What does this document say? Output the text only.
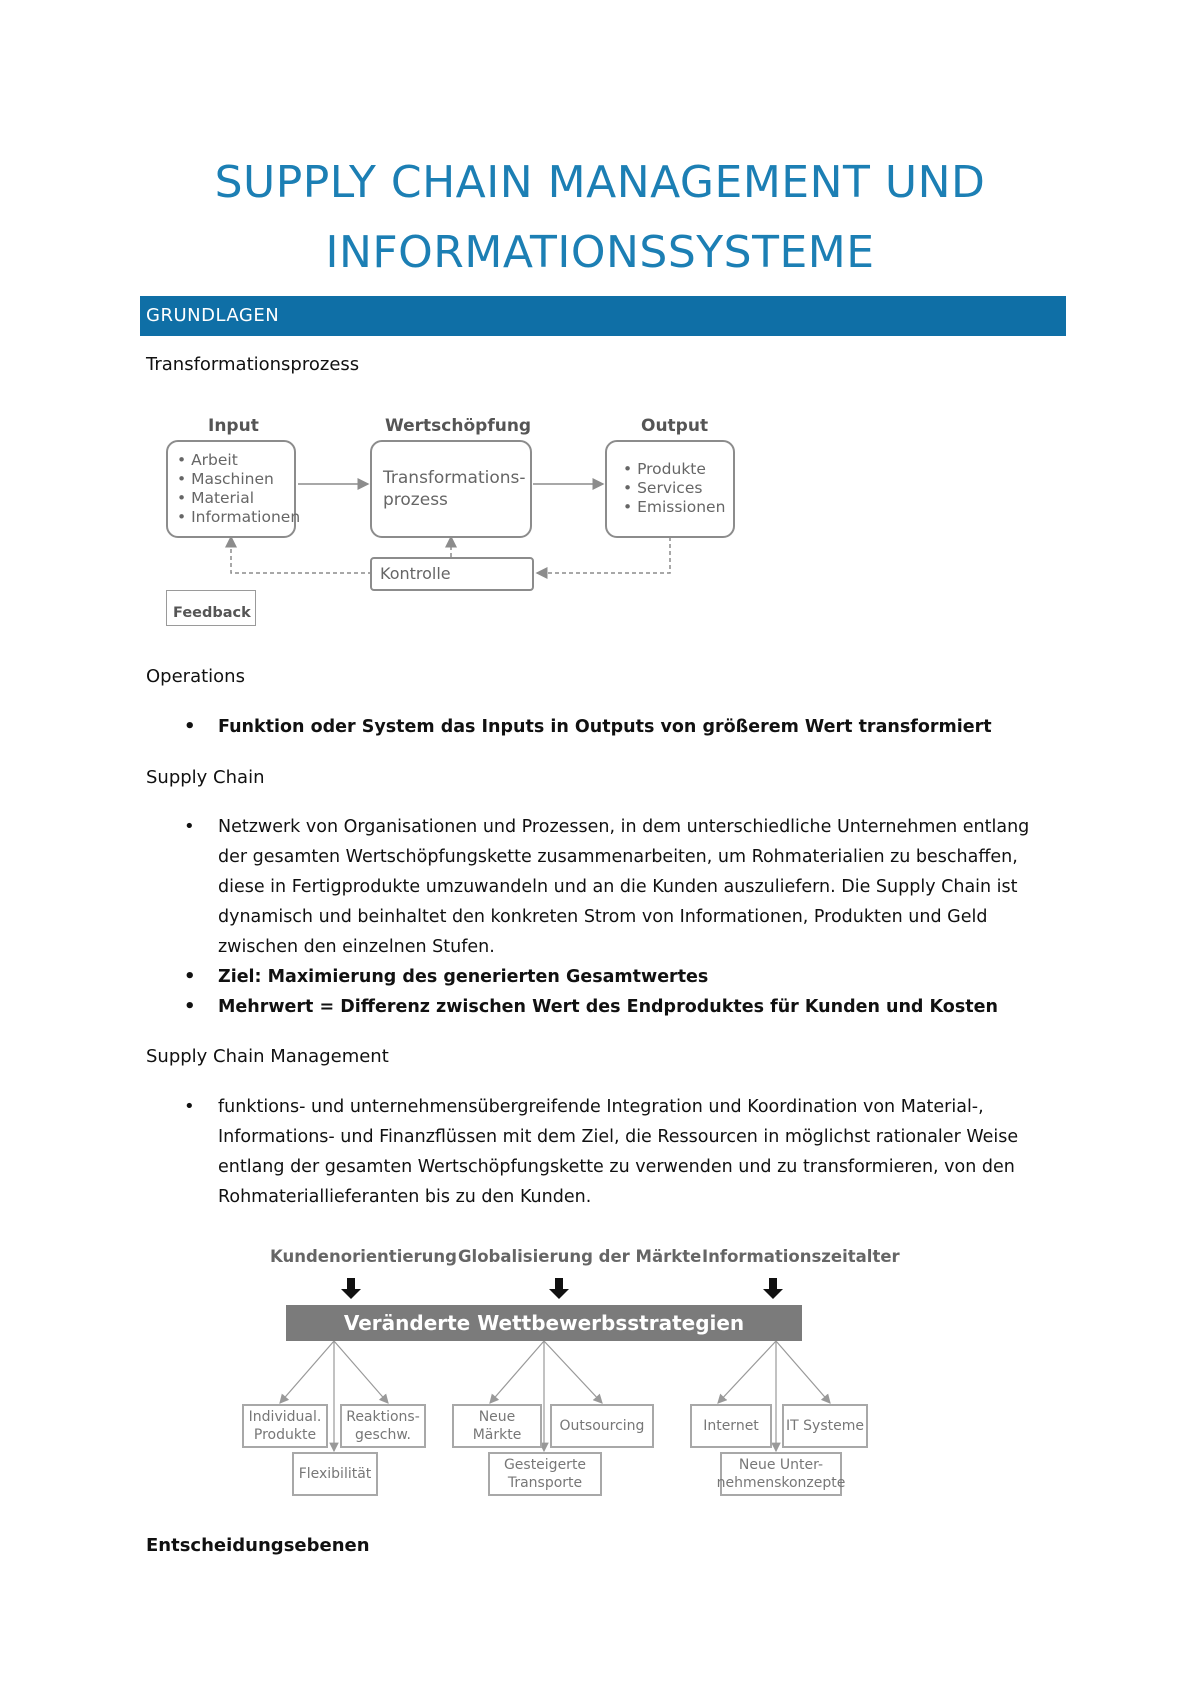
SUPPLY CHAIN MANAGEMENT UND
INFORMATIONSSYSTEME
GRUNDLAGEN
Transformationsprozess
Input	Wertschöpfung	Output
• Arbeit
• Maschinen
• Material
• Informationen
Transformations-
prozess
• Produkte
• Services
• Emissionen
Kontrolle
Feedback
Operations
• Funktion oder System das Inputs in Outputs von größerem Wert transformiert
Supply Chain
• Netzwerk von Organisationen und Prozessen, in dem unterschiedliche Unternehmen entlang
der gesamten Wertschöpfungskette zusammenarbeiten, um Rohmaterialien zu beschaffen,
diese in Fertigprodukte umzuwandeln und an die Kunden auszuliefern. Die Supply Chain ist
dynamisch und beinhaltet den konkreten Strom von Informationen, Produkten und Geld
zwischen den einzelnen Stufen.
• Ziel: Maximierung des generierten Gesamtwertes
• Mehrwert = Differenz zwischen Wert des Endproduktes für Kunden und Kosten
Supply Chain Management
• funktions- und unternehmensübergreifende Integration und Koordination von Material-,
Informations- und Finanzflüssen mit dem Ziel, die Ressourcen in möglichst rationaler Weise
entlang der gesamten Wertschöpfungskette zu verwenden und zu transformieren, von den
Rohmateriallieferanten bis zu den Kunden.
Kundenorientierung Globalisierung der Märkte Informationszeitalter
Veränderte Wettbewerbsstrategien
Individual.
Produkte
Reaktions-
geschw.
Flexibilität
Neue
Märkte
Outsourcing
Gesteigerte
Transporte
Internet IT Systeme
Neue Unter-
nehmenskonzepte
Entscheidungsebenen
